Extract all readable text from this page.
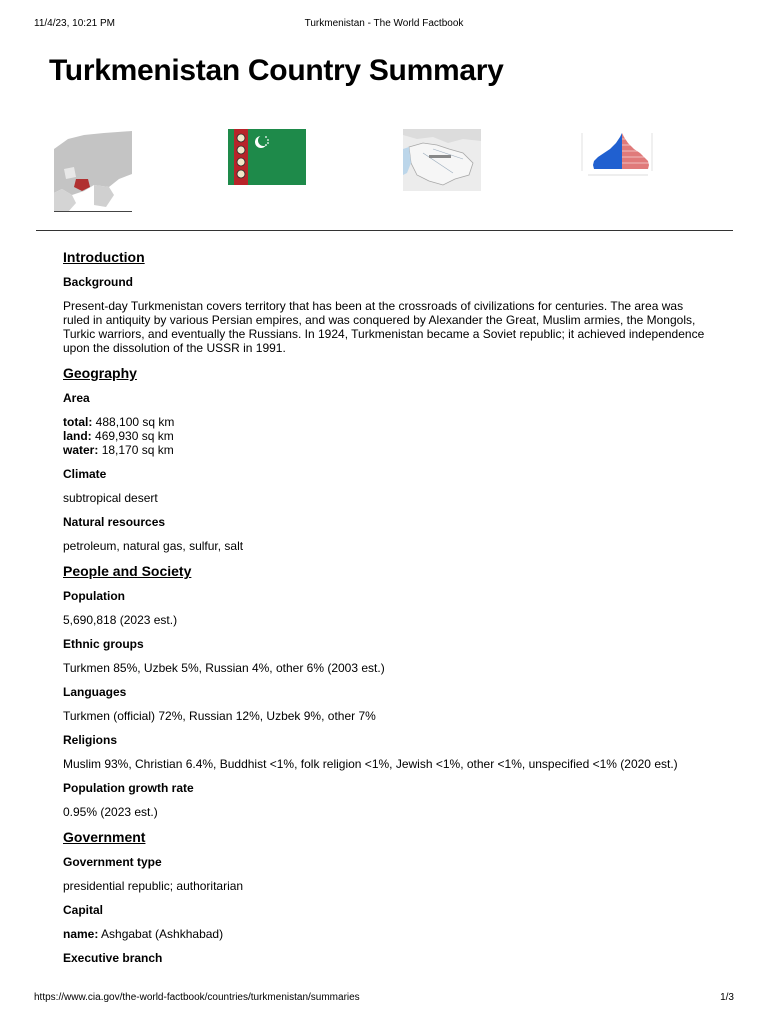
11/4/23, 10:21 PM	Turkmenistan - The World Factbook
Turkmenistan Country Summary
Introduction
Background
Present-day Turkmenistan covers territory that has been at the crossroads of civilizations for centuries. The area was ruled in antiquity by various Persian empires, and was conquered by Alexander the Great, Muslim armies, the Mongols, Turkic warriors, and eventually the Russians. In 1924, Turkmenistan became a Soviet republic; it achieved independence upon the dissolution of the USSR in 1991.
Geography
Area
total: 488,100 sq km
land: 469,930 sq km
water: 18,170 sq km
Climate
subtropical desert
Natural resources
petroleum, natural gas, sulfur, salt
People and Society
Population
5,690,818 (2023 est.)
Ethnic groups
Turkmen 85%, Uzbek 5%, Russian 4%, other 6% (2003 est.)
Languages
Turkmen (official) 72%, Russian 12%, Uzbek 9%, other 7%
Religions
Muslim 93%, Christian 6.4%, Buddhist <1%, folk religion <1%, Jewish <1%, other <1%, unspecified <1% (2020 est.)
Population growth rate
0.95% (2023 est.)
Government
Government type
presidential republic; authoritarian
Capital
name: Ashgabat (Ashkhabad)
Executive branch
https://www.cia.gov/the-world-factbook/countries/turkmenistan/summaries	1/3
